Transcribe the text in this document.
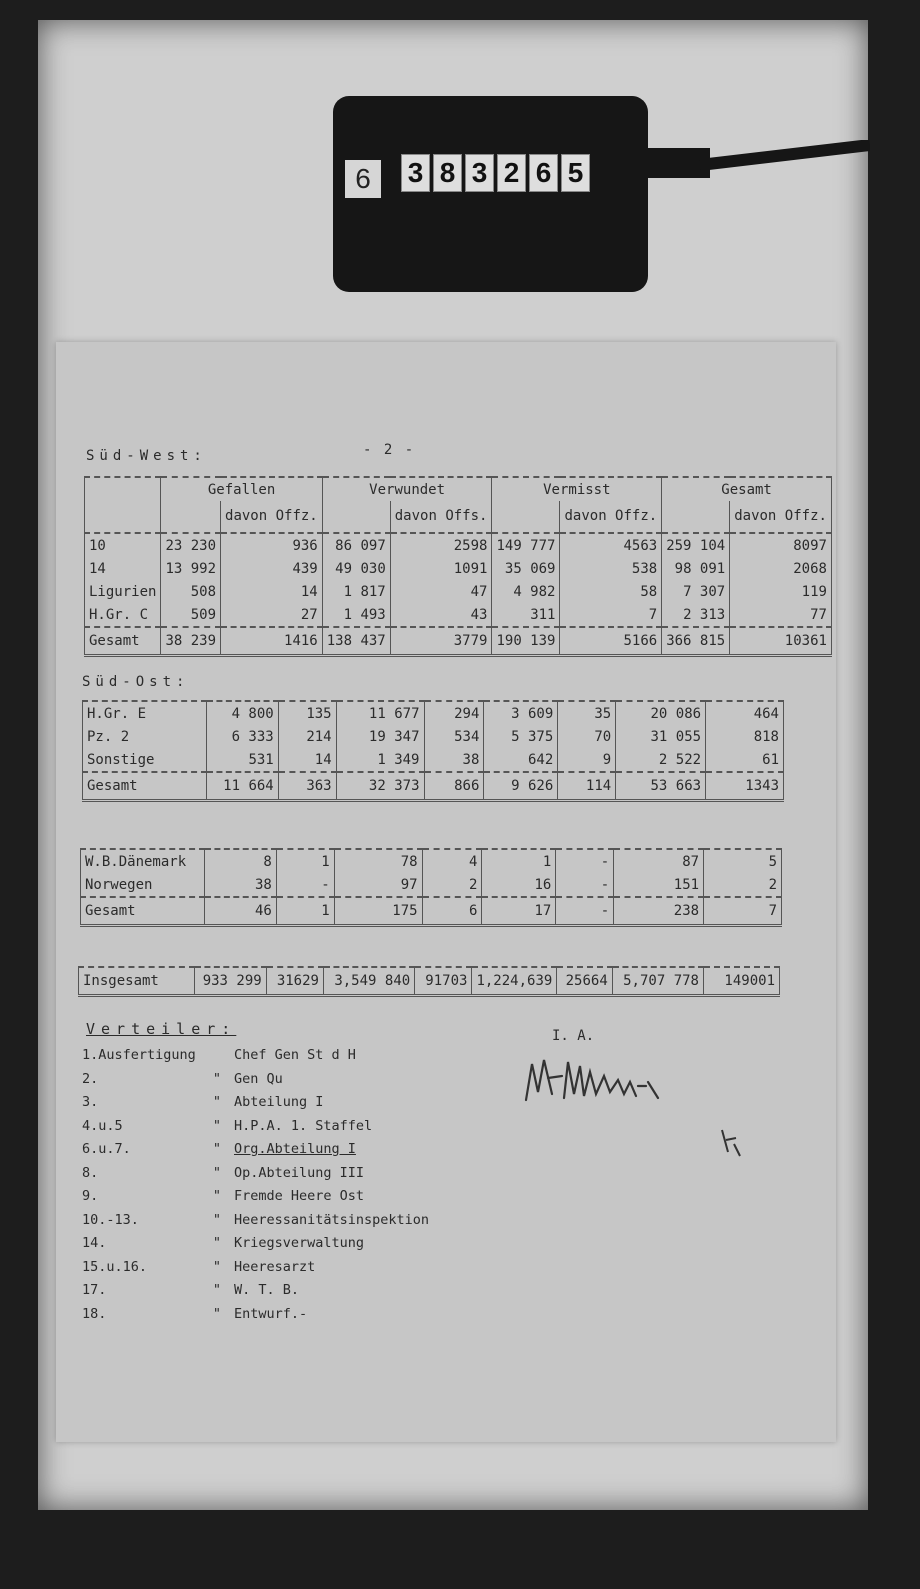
6	3 8 3 2 6 5
- 2 -
Süd-West:
	Gefallen		Verwundet		Vermisst		Gesamt	
		davon Offz.		davon Offs.		davon Offz.		davon Offz.
10	23 230	936	86 097	2598	149 777	4563	259 104	8097
14	13 992	439	49 030	1091	35 069	538	98 091	2068
Ligurien	508	14	1 817	47	4 982	58	7 307	119
H.Gr. C	509	27	1 493	43	311	7	2 313	77
Gesamt	38 239	1416	138 437	3779	190 139	5166	366 815	10361
Süd-Ost:
H.Gr. E	4 800	135	11 677	294	3 609	35	20 086	464
Pz. 2	6 333	214	19 347	534	5 375	70	31 055	818
Sonstige	531	14	1 349	38	642	9	2 522	61
Gesamt	11 664	363	32 373	866	9 626	114	53 663	1343
W.B.Dänemark	8	1	78	4	1	-	87	5
Norwegen	38	-	97	2	16	-	151	2
Gesamt	46	1	175	6	17	-	238	7
Insgesamt	933 299	31629	3,549 840	91703	1,224,639	25664	5,707 778	149001
Verteiler:	I. A.
1.Ausfertigung	Chef Gen St d H
2.	" Gen Qu
3.	" Abteilung I
4.u.5	" H.P.A. 1. Staffel
6.u.7.	" Org.Abteilung I
8.	" Op.Abteilung III
9.	" Fremde Heere Ost
10.-13.	" Heeressanitätsinspektion
14.	" Kriegsverwaltung
15.u.16.	" Heeresarzt
17.	" W. T. B.
18.	" Entwurf.-
